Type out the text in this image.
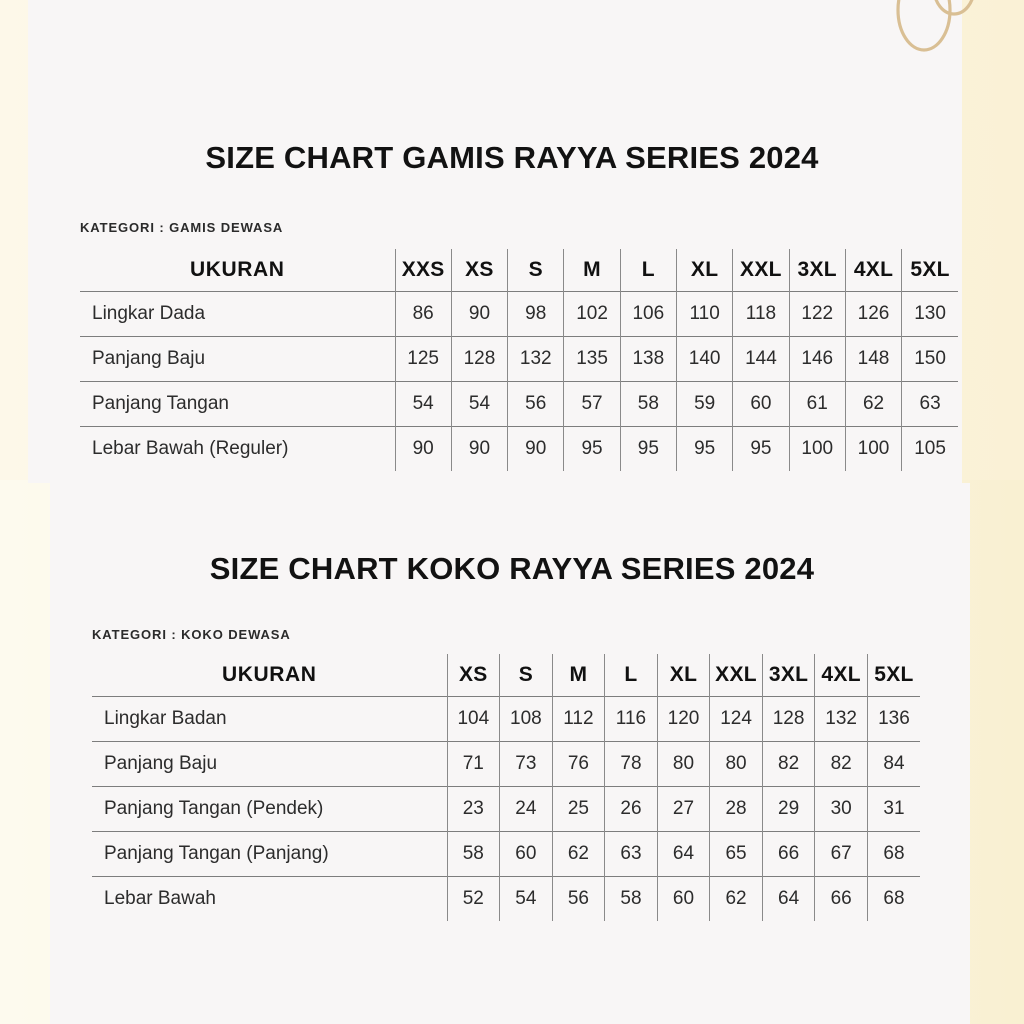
SIZE CHART GAMIS RAYYA SERIES 2024
KATEGORI : GAMIS DEWASA
UKURAN	XXS	XS	S	M	L	XL	XXL	3XL	4XL	5XL
Lingkar Dada	86	90	98	102	106	110	118	122	126	130
Panjang Baju	125	128	132	135	138	140	144	146	148	150
Panjang Tangan	54	54	56	57	58	59	60	61	62	63
Lebar Bawah (Reguler)	90	90	90	95	95	95	95	100	100	105
SIZE CHART KOKO RAYYA SERIES 2024
KATEGORI : KOKO DEWASA
UKURAN	XS	S	M	L	XL	XXL	3XL	4XL	5XL
Lingkar Badan	104	108	112	116	120	124	128	132	136
Panjang Baju	71	73	76	78	80	80	82	82	84
Panjang Tangan (Pendek)	23	24	25	26	27	28	29	30	31
Panjang Tangan (Panjang)	58	60	62	63	64	65	66	67	68
Lebar Bawah	52	54	56	58	60	62	64	66	68
